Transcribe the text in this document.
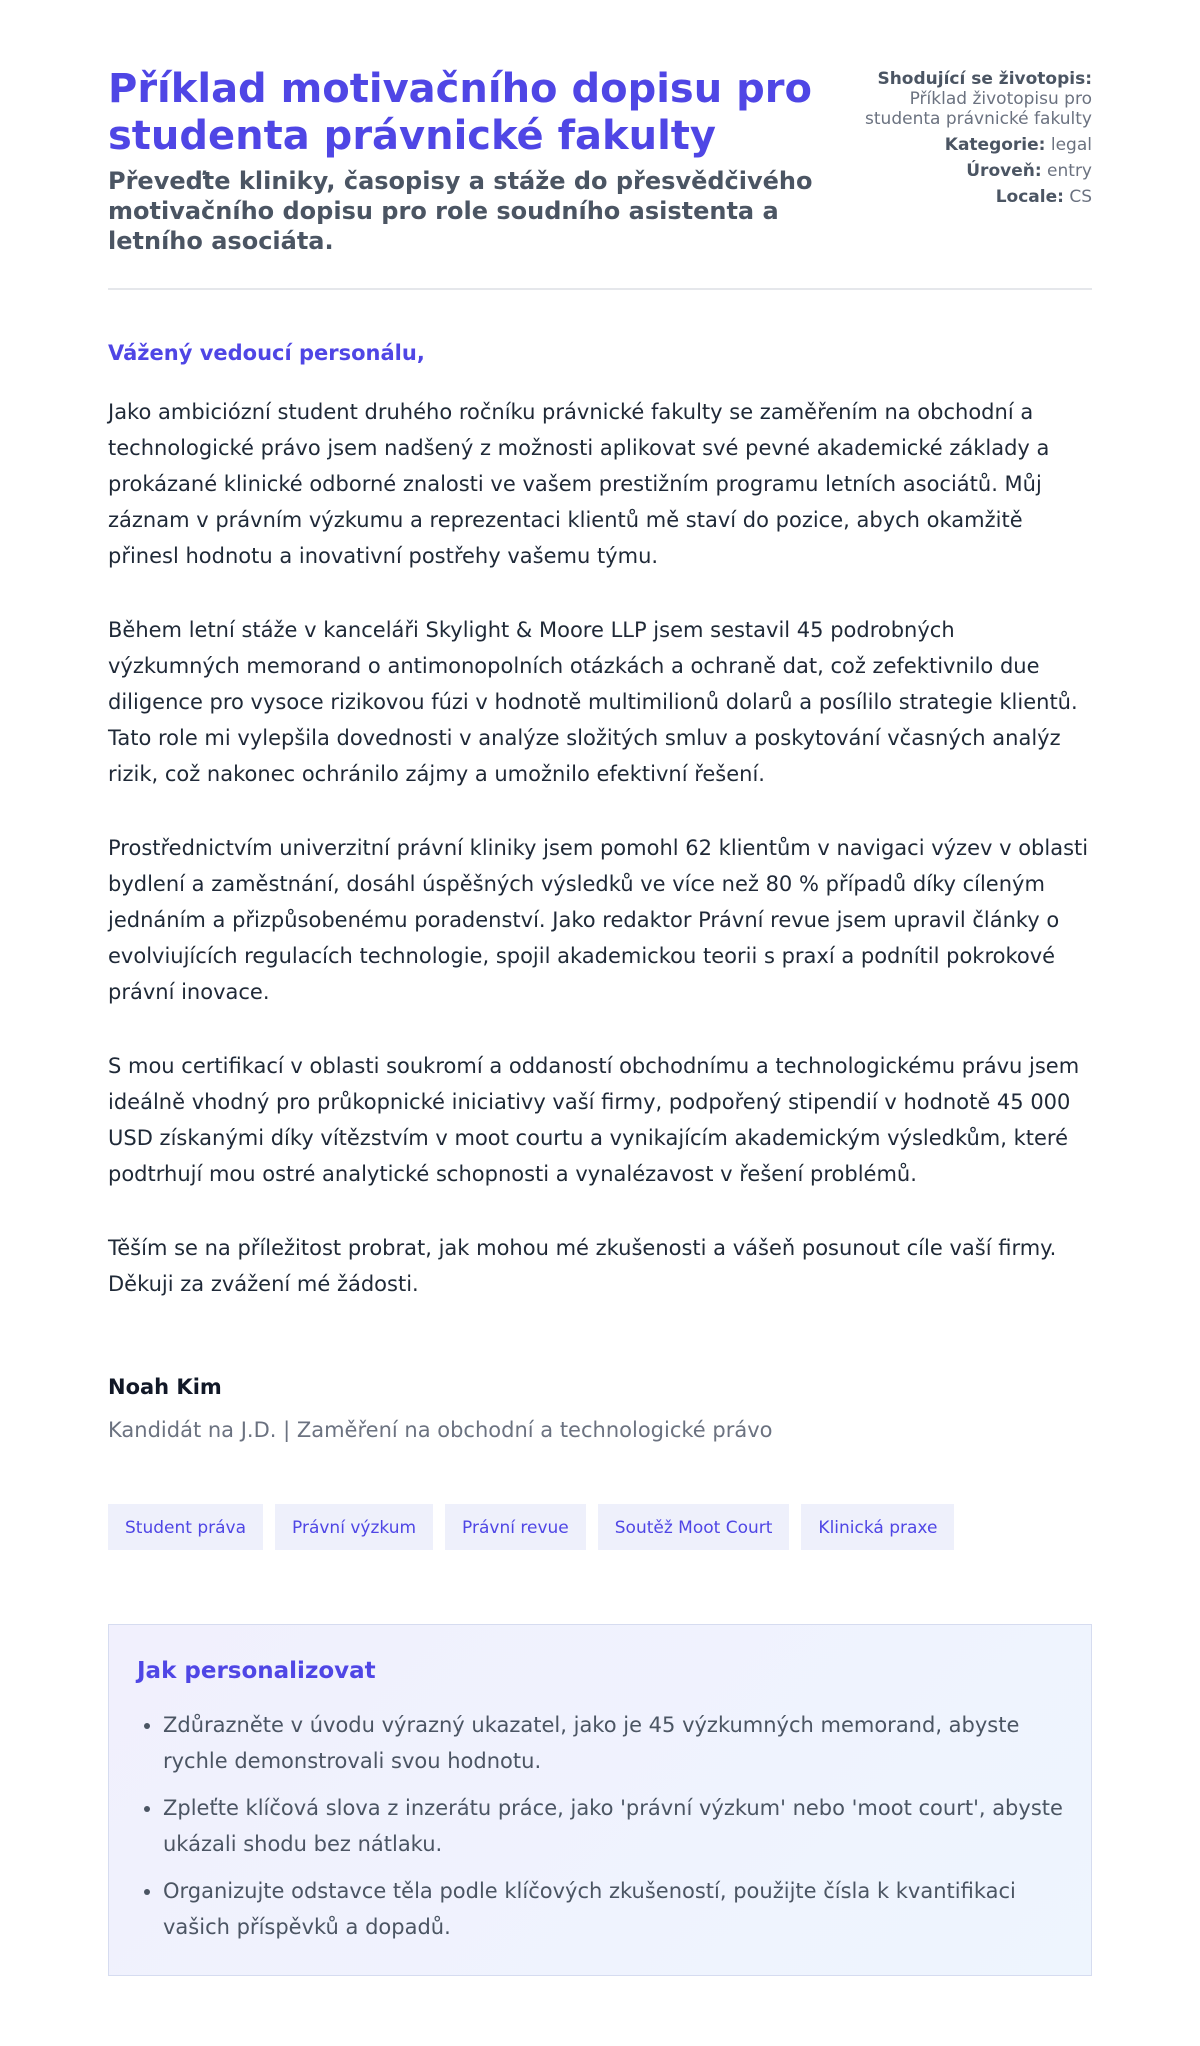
Příklad motivačního dopisu pro studenta právnické fakulty

Převeďte kliniky, časopisy a stáže do přesvědčivého motivačního dopisu pro role soudního asistenta a letního asociáta.

Shodující se životopis:
Příklad životopisu pro studenta právnické fakulty
Kategorie: legal
Úroveň: entry
Locale: CS

Vážený vedoucí personálu,

Jako ambiciózní student druhého ročníku právnické fakulty se zaměřením na obchodní a technologické právo jsem nadšený z možnosti aplikovat své pevné akademické základy a prokázané klinické odborné znalosti ve vašem prestižním programu letních asociátů. Můj záznam v právním výzkumu a reprezentaci klientů mě staví do pozice, abych okamžitě přinesl hodnotu a inovativní postřehy vašemu týmu.

Během letní stáže v kanceláři Skylight & Moore LLP jsem sestavil 45 podrobných výzkumných memorand o antimonopolních otázkách a ochraně dat, což zefektivnilo due diligence pro vysoce rizikovou fúzi v hodnotě multimilionů dolarů a posílilo strategie klientů. Tato role mi vylepšila dovednosti v analýze složitých smluv a poskytování včasných analýz rizik, což nakonec ochránilo zájmy a umožnilo efektivní řešení.

Prostřednictvím univerzitní právní kliniky jsem pomohl 62 klientům v navigaci výzev v oblasti bydlení a zaměstnání, dosáhl úspěšných výsledků ve více než 80 % případů díky cíleným jednáním a přizpůsobenému poradenství. Jako redaktor Právní revue jsem upravil články o evolviujících regulacích technologie, spojil akademickou teorii s praxí a podnítil pokrokové právní inovace.

S mou certifikací v oblasti soukromí a oddaností obchodnímu a technologickému právu jsem ideálně vhodný pro průkopnické iniciativy vaší firmy, podpořený stipendií v hodnotě 45 000 USD získanými díky vítězstvím v moot courtu a vynikajícím akademickým výsledkům, které podtrhují mou ostré analytické schopnosti a vynalézavost v řešení problémů.

Těším se na příležitost probrat, jak mohou mé zkušenosti a vášeň posunout cíle vaší firmy. Děkuji za zvážení mé žádosti.

Noah Kim
Kandidát na J.D. | Zaměření na obchodní a technologické právo
Student práva	Právní výzkum	Právní revue	Soutěž Moot Court	Klinická praxe
Jak personalizovat
• Zdůrazněte v úvodu výrazný ukazatel, jako je 45 výzkumných memorand, abyste rychle demonstrovali svou hodnotu.
• Zpleťte klíčová slova z inzerátu práce, jako 'právní výzkum' nebo 'moot court', abyste ukázali shodu bez nátlaku.
• Organizujte odstavce těla podle klíčových zkušeností, použijte čísla k kvantifikaci vašich příspěvků a dopadů.
